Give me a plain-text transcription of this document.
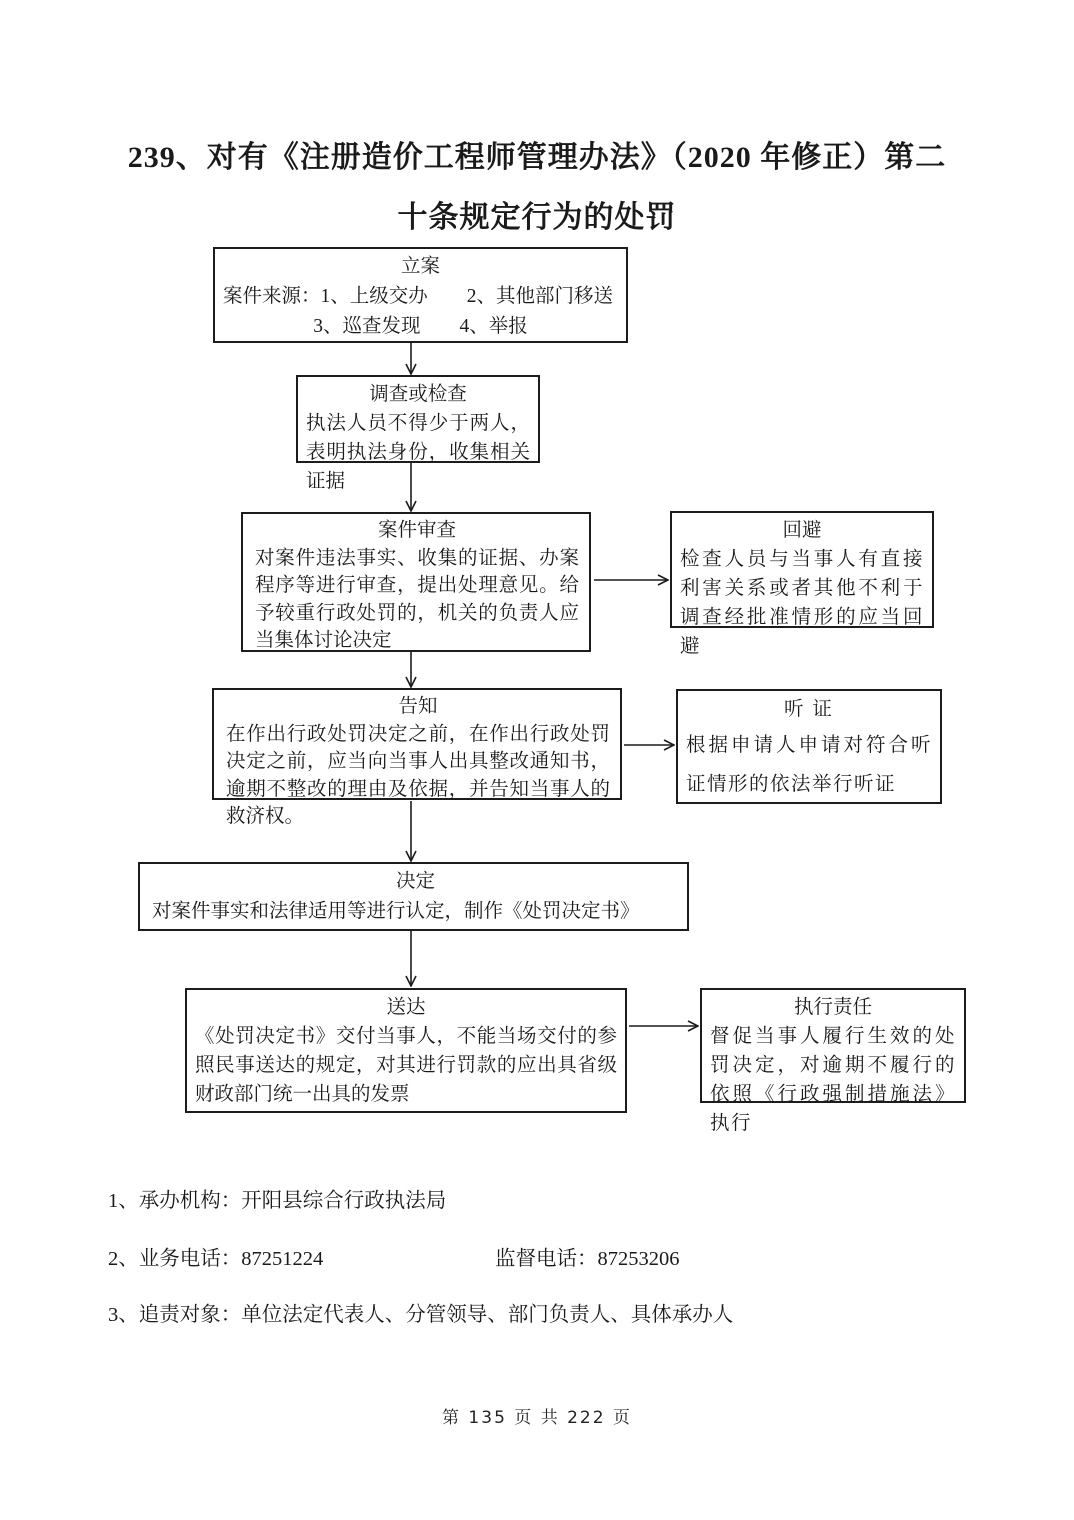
239、对有《注册造价工程师管理办法》（2020 年修正）第二
十条规定行为的处罚
立案
案件来源：1、上级交办　　2、其他部门移送
3、巡查发现　　4、举报
调查或检查
执法人员不得少于两人，表明执法身份，收集相关证据
案件审查
对案件违法事实、收集的证据、办案程序等进行审查，提出处理意见。给予较重行政处罚的，机关的负责人应当集体讨论决定
回避
检查人员与当事人有直接利害关系或者其他不利于调查经批准情形的应当回避
告知
在作出行政处罚决定之前，在作出行政处罚决定之前，应当向当事人出具整改通知书，逾期不整改的理由及依据，并告知当事人的救济权。
听 证
根据申请人申请对符合听证情形的依法举行听证
决定
对案件事实和法律适用等进行认定，制作《处罚决定书》
送达
《处罚决定书》交付当事人，不能当场交付的参照民事送达的规定，对其进行罚款的应出具省级财政部门统一出具的发票
执行责任
督促当事人履行生效的处罚决定，对逾期不履行的依照《行政强制措施法》执行
1、承办机构：开阳县综合行政执法局
2、业务电话：87251224	监督电话：87253206
3、追责对象：单位法定代表人、分管领导、部门负责人、具体承办人
第 135 页 共 222 页
